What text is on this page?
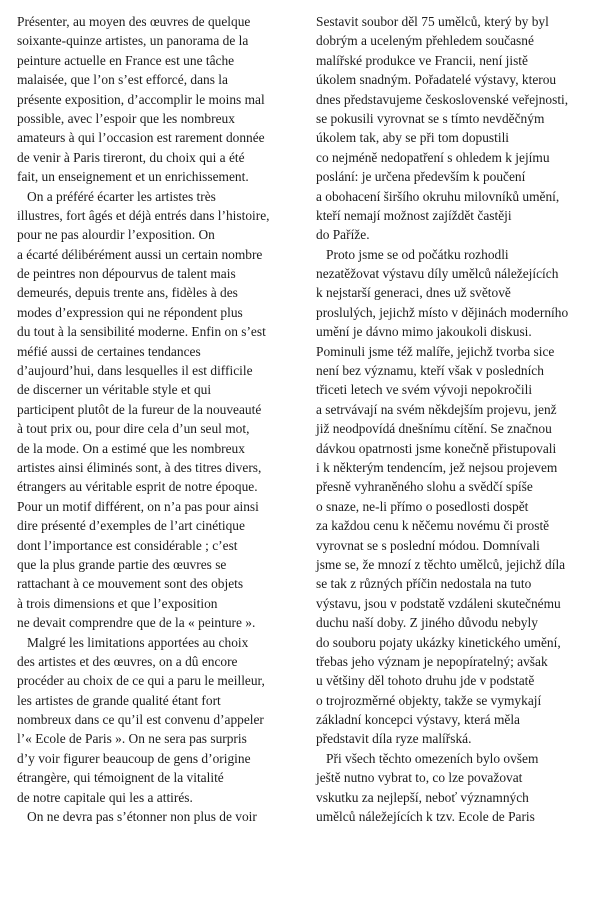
Présenter, au moyen des œuvres de quelque
soixante-quinze artistes, un panorama de la
peinture actuelle en France est une tâche
malaisée, que l’on s’est efforcé, dans la
présente exposition, d’accomplir le moins mal
possible, avec l’espoir que les nombreux
amateurs à qui l’occasion est rarement donnée
de venir à Paris tireront, du choix qui a été
fait, un enseignement et un enrichissement.
On a préféré écarter les artistes très
illustres, fort âgés et déjà entrés dans l’histoire,
pour ne pas alourdir l’exposition. On
a écarté délibérément aussi un certain nombre
de peintres non dépourvus de talent mais
demeurés, depuis trente ans, fidèles à des
modes d’expression qui ne répondent plus
du tout à la sensibilité moderne. Enfin on s’est
méfié aussi de certaines tendances
d’aujourd’hui, dans lesquelles il est difficile
de discerner un véritable style et qui
participent plutôt de la fureur de la nouveauté
à tout prix ou, pour dire cela d’un seul mot,
de la mode. On a estimé que les nombreux
artistes ainsi éliminés sont, à des titres divers,
étrangers au véritable esprit de notre époque.
Pour un motif différent, on n’a pas pour ainsi
dire présenté d’exemples de l’art cinétique
dont l’importance est considérable ; c’est
que la plus grande partie des œuvres se
rattachant à ce mouvement sont des objets
à trois dimensions et que l’exposition
ne devait comprendre que de la « peinture ».
Malgré les limitations apportées au choix
des artistes et des œuvres, on a dû encore
procéder au choix de ce qui a paru le meilleur,
les artistes de grande qualité étant fort
nombreux dans ce qu’il est convenu d’appeler
l’« Ecole de Paris ». On ne sera pas surpris
d’y voir figurer beaucoup de gens d’origine
étrangère, qui témoignent de la vitalité
de notre capitale qui les a attirés.
On ne devra pas s’étonner non plus de voir
Sestavit soubor děl 75 umělců, který by byl
dobrým a uceleným přehledem současné
malířské produkce ve Francii, není jistě
úkolem snadným. Pořadatelé výstavy, kterou
dnes představujeme československé veřejnosti,
se pokusili vyrovnat se s tímto nevděčným
úkolem tak, aby se při tom dopustili
co nejméně nedopatření s ohledem k jejímu
poslání: je určena především k poučení
a obohacení širšího okruhu milovníků umění,
kteří nemají možnost zajíždět častěji
do Paříže.
Proto jsme se od počátku rozhodli
nezatěžovat výstavu díly umělců náležejících
k nejstarší generaci, dnes už světově
proslulých, jejichž místo v dějinách moderního
umění je dávno mimo jakoukoli diskusi.
Pominuli jsme též malíře, jejichž tvorba sice
není bez významu, kteří však v posledních
třiceti letech ve svém vývoji nepokročili
a setrvávají na svém někdejším projevu, jenž
již neodpovídá dnešnímu cítění. Se značnou
dávkou opatrnosti jsme konečně přistupovali
i k některým tendencím, jež nejsou projevem
přesně vyhraněného slohu a svědčí spíše
o snaze, ne-li přímo o posedlosti dospět
za každou cenu k něčemu novému či prostě
vyrovnat se s poslední módou. Domnívali
jsme se, že mnozí z těchto umělců, jejichž díla
se tak z různých příčin nedostala na tuto
výstavu, jsou v podstatě vzdáleni skutečnému
duchu naší doby. Z jiného důvodu nebyly
do souboru pojaty ukázky kinetického umění,
třebas jeho význam je nepopíratelný; avšak
u většiny děl tohoto druhu jde v podstatě
o trojrozměrné objekty, takže se vymykají
základní koncepci výstavy, která měla
představit díla ryze malířská.
Při všech těchto omezeních bylo ovšem
ještě nutno vybrat to, co lze považovat
vskutku za nejlepší, neboť významných
umělců náležejících k tzv. Ecole de Paris
